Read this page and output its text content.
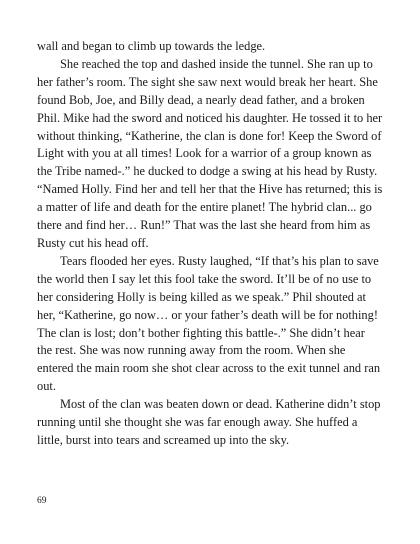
wall and began to climb up towards the ledge.

She reached the top and dashed inside the tunnel. She ran up to her father’s room. The sight she saw next would break her heart. She found Bob, Joe, and Billy dead, a nearly dead father, and a broken Phil. Mike had the sword and noticed his daughter. He tossed it to her without thinking, “Katherine, the clan is done for! Keep the Sword of Light with you at all times! Look for a warrior of a group known as the Tribe named-.” he ducked to dodge a swing at his head by Rusty. “Named Holly. Find her and tell her that the Hive has returned; this is a matter of life and death for the entire planet! The hybrid clan... go there and find her… Run!” That was the last she heard from him as Rusty cut his head off.

Tears flooded her eyes. Rusty laughed, “If that’s his plan to save the world then I say let this fool take the sword. It’ll be of no use to her considering Holly is being killed as we speak.” Phil shouted at her, “Katherine, go now… or your father’s death will be for nothing! The clan is lost; don’t bother fighting this battle-.” She didn’t hear the rest. She was now running away from the room. When she entered the main room she shot clear across to the exit tunnel and ran out.

Most of the clan was beaten down or dead. Katherine didn’t stop running until she thought she was far enough away. She huffed a little, burst into tears and screamed up into the sky.

69
